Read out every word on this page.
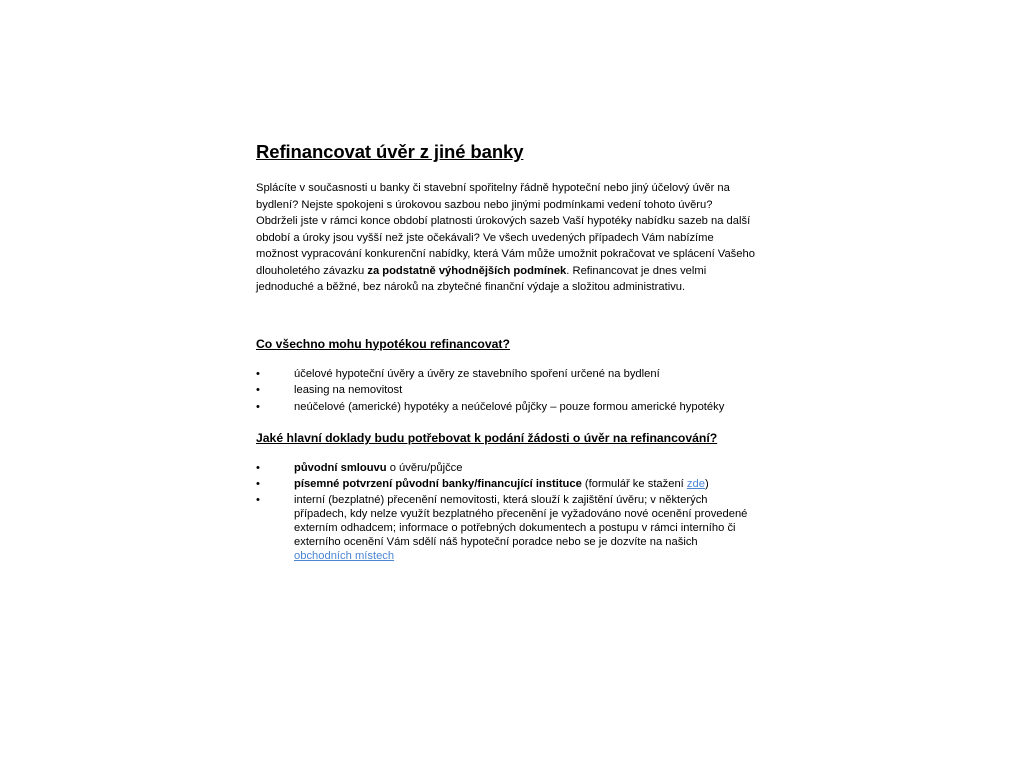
Refinancovat úvěr z jiné banky

Splácíte v současnosti u banky či stavební spořitelny řádně hypoteční nebo jiný účelový úvěr na bydlení? Nejste spokojeni s úrokovou sazbou nebo jinými podmínkami vedení tohoto úvěru? Obdrželi jste v rámci konce období platnosti úrokových sazeb Vaší hypotéky nabídku sazeb na další období a úroky jsou vyšší než jste očekávali? Ve všech uvedených případech Vám nabízíme možnost vypracování konkurenční nabídky, která Vám může umožnit pokračovat ve splácení Vašeho dlouholetého závazku za podstatně výhodnějších podmínek. Refinancovat je dnes velmi jednoduché a běžné, bez nároků na zbytečné finanční výdaje a složitou administrativu.

Co všechno mohu hypotékou refinancovat?
•	účelové hypoteční úvěry a úvěry ze stavebního spoření určené na bydlení
•	leasing na nemovitost
•	neúčelové (americké) hypotéky a neúčelové půjčky – pouze formou americké hypotéky
Jaké hlavní doklady budu potřebovat k podání žádosti o úvěr na refinancování?
•	původní smlouvu o úvěru/půjčce
•	písemné potvrzení původní banky/financující instituce (formulář ke stažení zde)
•	interní (bezplatné) přecenění nemovitosti, která slouží k zajištění úvěru; v některých případech, kdy nelze využít bezplatného přecenění je vyžadováno nové ocenění provedené externím odhadcem; informace o potřebných dokumentech a postupu v rámci interního či externího ocenění Vám sdělí náš hypoteční poradce nebo se je dozvíte na našich obchodních místech
